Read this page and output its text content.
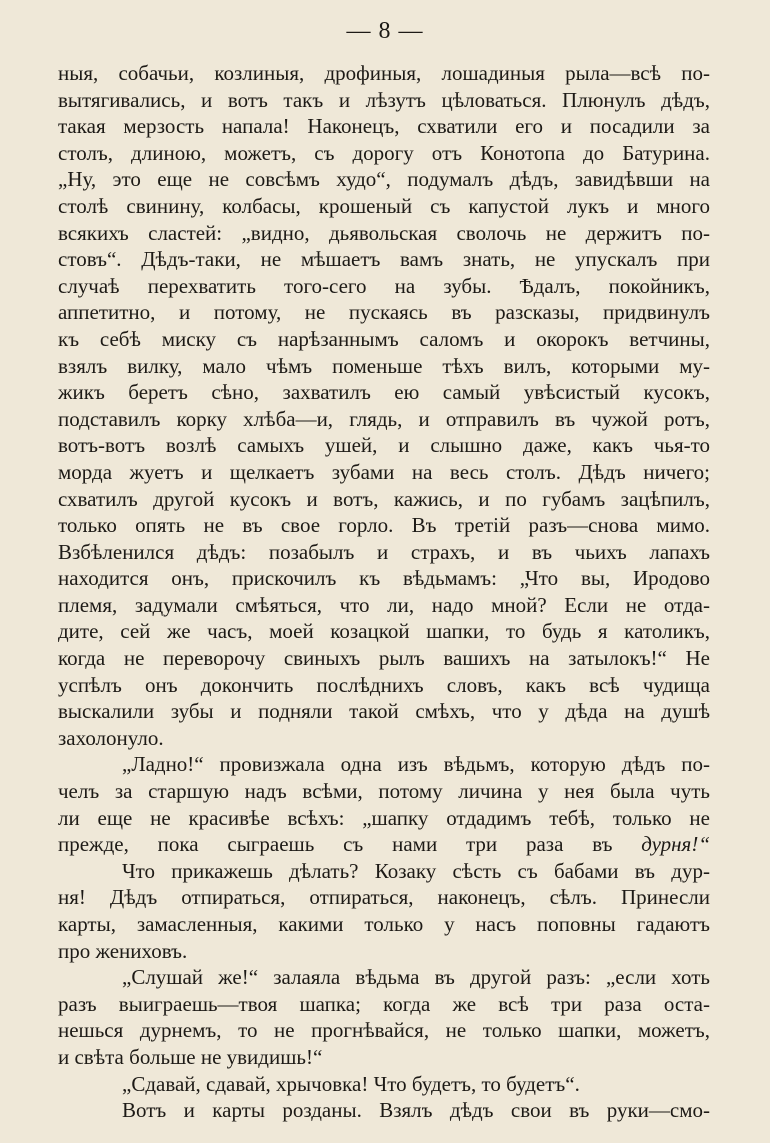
— 8 —
ныя, собачьи, козлиныя, дрофиныя, лошадиныя рыла—всѣ по-
вытягивались, и вотъ такъ и лѣзутъ цѣловаться. Плюнулъ дѣдъ,
такая мерзость напала! Наконецъ, схватили его и посадили за
столъ, длиною, можетъ, съ дорогу отъ Конотопа до Батурина.
„Ну, это еще не совсѣмъ худо“, подумалъ дѣдъ, завидѣвши на
столѣ свинину, колбасы, крошеный съ капустой лукъ и много
всякихъ сластей: „видно, дьявольская сволочь не держитъ по-
стовъ“. Дѣдъ-таки, не мѣшаетъ вамъ знать, не упускалъ при
случаѣ перехватить того-сего на зубы. Ѣдалъ, покойникъ,
аппетитно, и потому, не пускаясь въ разсказы, придвинулъ
къ себѣ миску съ нарѣзаннымъ саломъ и окорокъ ветчины,
взялъ вилку, мало чѣмъ поменьше тѣхъ вилъ, которыми му-
жикъ беретъ сѣно, захватилъ ею самый увѣсистый кусокъ,
подставилъ корку хлѣба—и, глядь, и отправилъ въ чужой ротъ,
вотъ-вотъ возлѣ самыхъ ушей, и слышно даже, какъ чья-то
морда жуетъ и щелкаетъ зубами на весь столъ. Дѣдъ ничего;
схватилъ другой кусокъ и вотъ, кажись, и по губамъ зацѣпилъ,
только опять не въ свое горло. Въ третій разъ—снова мимо.
Взбѣленился дѣдъ: позабылъ и страхъ, и въ чьихъ лапахъ
находится онъ, прискочилъ къ вѣдьмамъ: „Что вы, Иродово
племя, задумали смѣяться, что ли, надо мной? Если не отда-
дите, сей же часъ, моей козацкой шапки, то будь я католикъ,
когда не переворочу свиныхъ рылъ вашихъ на затылокъ!“ Не
успѣлъ онъ докончить послѣднихъ словъ, какъ всѣ чудища
выскалили зубы и подняли такой смѣхъ, что у дѣда на душѣ
захолонуло.
„Ладно!“ провизжала одна изъ вѣдьмъ, которую дѣдъ по-
челъ за старшую надъ всѣми, потому личина у нея была чуть
ли еще не красивѣе всѣхъ: „шапку отдадимъ тебѣ, только не
прежде, пока сыграешь съ нами три раза въ дурня!“
Что прикажешь дѣлать? Козаку сѣсть съ бабами въ дур-
ня! Дѣдъ отпираться, отпираться, наконецъ, сѣлъ. Принесли
карты, замасленныя, какими только у насъ поповны гадаютъ
про жениховъ.
„Слушай же!“ залаяла вѣдьма въ другой разъ: „если хоть
разъ выиграешь—твоя шапка; когда же всѣ три раза оста-
нешься дурнемъ, то не прогнѣвайся, не только шапки, можетъ,
и свѣта больше не увидишь!“
„Сдавай, сдавай, хрычовка! Что будетъ, то будетъ“.
Вотъ и карты розданы. Взялъ дѣдъ свои въ руки—смо-
